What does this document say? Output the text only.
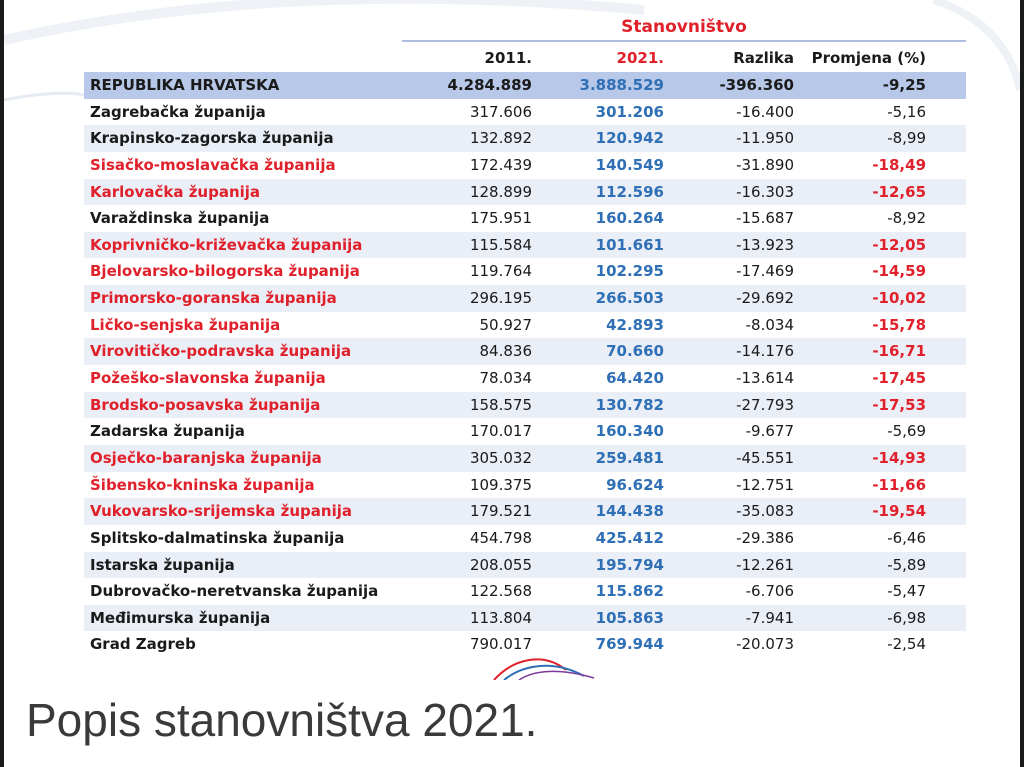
Stanovništvo
2011.	2021.	Razlika	Promjena (%)
REPUBLIKA HRVATSKA	4.284.889	3.888.529	-396.360	-9,25
Zagrebačka županija	317.606	301.206	-16.400	-5,16
Krapinsko-zagorska županija	132.892	120.942	-11.950	-8,99
Sisačko-moslavačka županija	172.439	140.549	-31.890	-18,49
Karlovačka županija	128.899	112.596	-16.303	-12,65
Varaždinska županija	175.951	160.264	-15.687	-8,92
Koprivničko-križevačka županija	115.584	101.661	-13.923	-12,05
Bjelovarsko-bilogorska županija	119.764	102.295	-17.469	-14,59
Primorsko-goranska županija	296.195	266.503	-29.692	-10,02
Ličko-senjska županija	50.927	42.893	-8.034	-15,78
Virovitičko-podravska županija	84.836	70.660	-14.176	-16,71
Požeško-slavonska županija	78.034	64.420	-13.614	-17,45
Brodsko-posavska županija	158.575	130.782	-27.793	-17,53
Zadarska županija	170.017	160.340	-9.677	-5,69
Osječko-baranjska županija	305.032	259.481	-45.551	-14,93
Šibensko-kninska županija	109.375	96.624	-12.751	-11,66
Vukovarsko-srijemska županija	179.521	144.438	-35.083	-19,54
Splitsko-dalmatinska županija	454.798	425.412	-29.386	-6,46
Istarska županija	208.055	195.794	-12.261	-5,89
Dubrovačko-neretvanska županija	122.568	115.862	-6.706	-5,47
Međimurska županija	113.804	105.863	-7.941	-6,98
Grad Zagreb	790.017	769.944	-20.073	-2,54
Popis stanovništva 2021.
